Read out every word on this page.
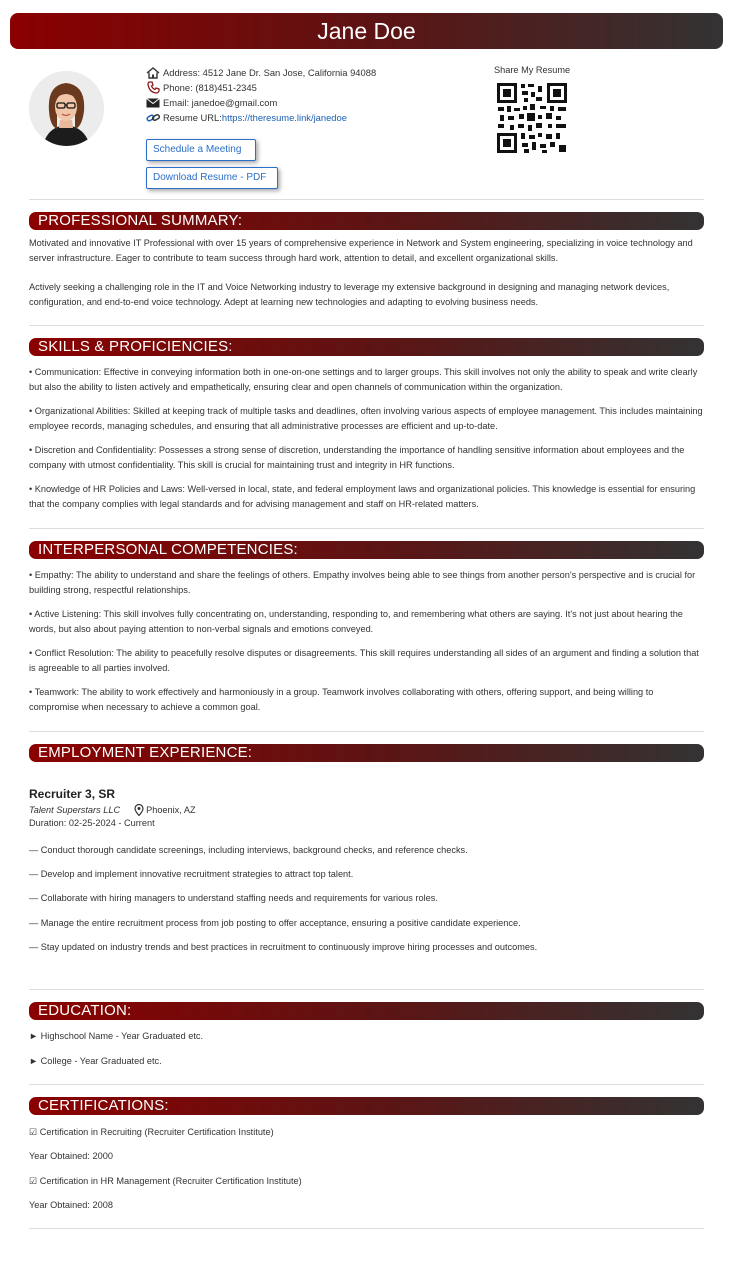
Jane Doe
Address: 4512 Jane Dr. San Jose, California 94088
Phone: (818)451-2345
Email: janedoe@gmail.com
Resume URL: https://theresume.link/janedoe
Schedule a Meeting
Download Resume - PDF
Share My Resume
PROFESSIONAL SUMMARY:
Motivated and innovative IT Professional with over 15 years of comprehensive experience in Network and System engineering, specializing in voice technology and server infrastructure. Eager to contribute to team success through hard work, attention to detail, and excellent organizational skills.
Actively seeking a challenging role in the IT and Voice Networking industry to leverage my extensive background in designing and managing network devices, configuration, and end-to-end voice technology. Adept at learning new technologies and adapting to evolving business needs.
SKILLS & PROFICIENCIES:
• Communication: Effective in conveying information both in one-on-one settings and to larger groups. This skill involves not only the ability to speak and write clearly but also the ability to listen actively and empathetically, ensuring clear and open channels of communication within the organization.
• Organizational Abilities: Skilled at keeping track of multiple tasks and deadlines, often involving various aspects of employee management. This includes maintaining employee records, managing schedules, and ensuring that all administrative processes are efficient and up-to-date.
• Discretion and Confidentiality: Possesses a strong sense of discretion, understanding the importance of handling sensitive information about employees and the company with utmost confidentiality. This skill is crucial for maintaining trust and integrity in HR functions.
• Knowledge of HR Policies and Laws: Well-versed in local, state, and federal employment laws and organizational policies. This knowledge is essential for ensuring that the company complies with legal standards and for advising management and staff on HR-related matters.
INTERPERSONAL COMPETENCIES:
• Empathy: The ability to understand and share the feelings of others. Empathy involves being able to see things from another person's perspective and is crucial for building strong, respectful relationships.
• Active Listening: This skill involves fully concentrating on, understanding, responding to, and remembering what others are saying. It's not just about hearing the words, but also about paying attention to non-verbal signals and emotions conveyed.
• Conflict Resolution: The ability to peacefully resolve disputes or disagreements. This skill requires understanding all sides of an argument and finding a solution that is agreeable to all parties involved.
• Teamwork: The ability to work effectively and harmoniously in a group. Teamwork involves collaborating with others, offering support, and being willing to compromise when necessary to achieve a common goal.
EMPLOYMENT EXPERIENCE:
Recruiter 3, SR
Talent Superstars LLC	Phoenix, AZ
Duration: 02-25-2024 - Current
— Conduct thorough candidate screenings, including interviews, background checks, and reference checks.
— Develop and implement innovative recruitment strategies to attract top talent.
— Collaborate with hiring managers to understand staffing needs and requirements for various roles.
— Manage the entire recruitment process from job posting to offer acceptance, ensuring a positive candidate experience.
— Stay updated on industry trends and best practices in recruitment to continuously improve hiring processes and outcomes.
EDUCATION:
► Highschool Name - Year Graduated etc.
► College - Year Graduated etc.
CERTIFICATIONS:
☑ Certification in Recruiting (Recruiter Certification Institute)
Year Obtained: 2000
☑ Certification in HR Management (Recruiter Certification Institute)
Year Obtained: 2008
